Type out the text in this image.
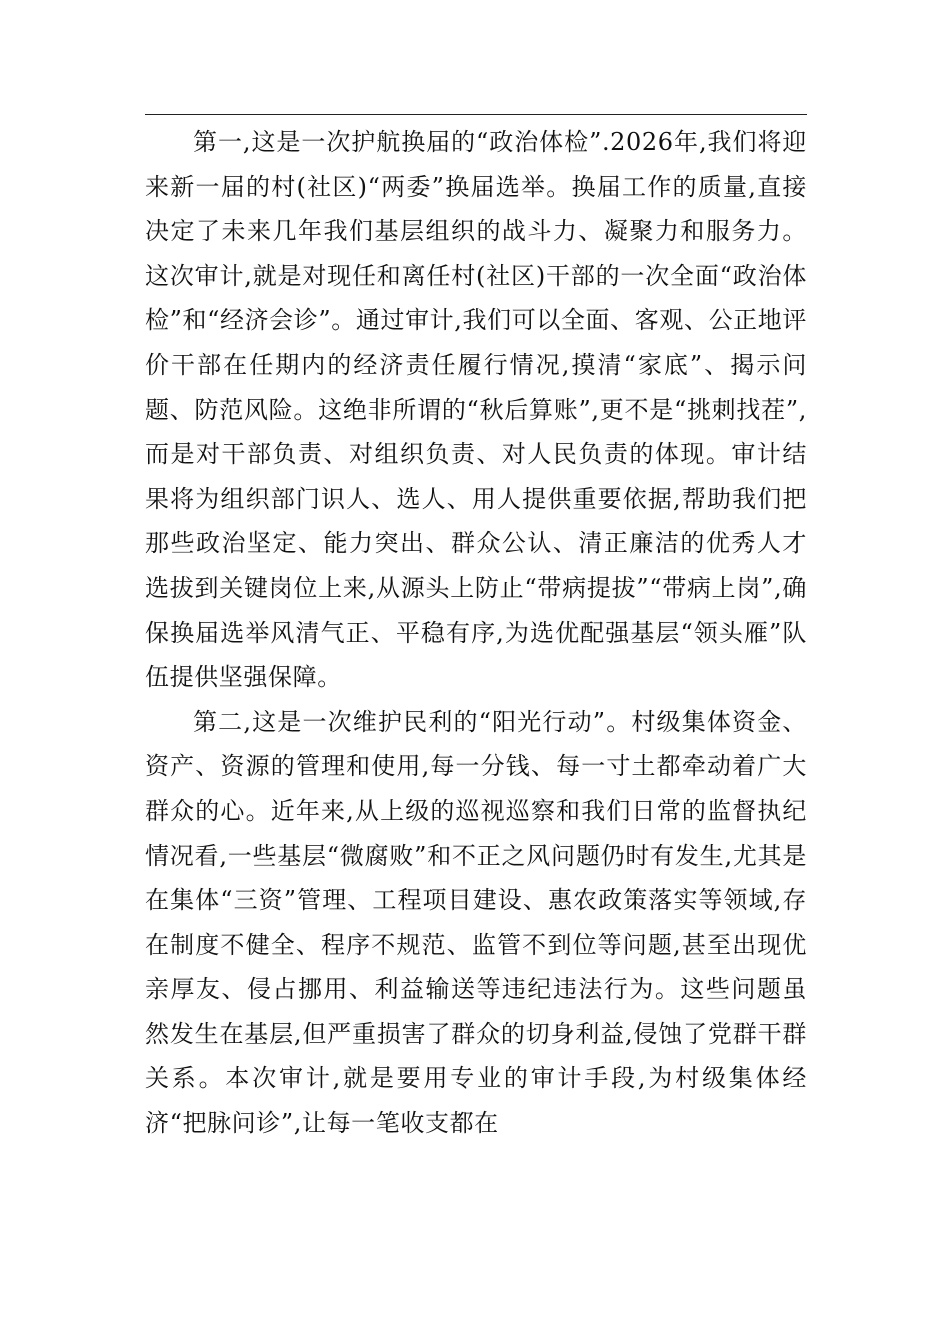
第一,这是一次护航换届的“政治体检”.2026年,我们将迎来新一届的村(社区)“两委”换届选举。换届工作的质量,直接决定了未来几年我们基层组织的战斗力、凝聚力和服务力。这次审计,就是对现任和离任村(社区)干部的一次全面“政治体检”和“经济会诊”。通过审计,我们可以全面、客观、公正地评价干部在任期内的经济责任履行情况,摸清“家底”、揭示问题、防范风险。这绝非所谓的“秋后算账”,更不是“挑刺找茬”,而是对干部负责、对组织负责、对人民负责的体现。审计结果将为组织部门识人、选人、用人提供重要依据,帮助我们把那些政治坚定、能力突出、群众公认、清正廉洁的优秀人才选拔到关键岗位上来,从源头上防止“带病提拔”“带病上岗”,确保换届选举风清气正、平稳有序,为选优配强基层“领头雁”队伍提供坚强保障。

第二,这是一次维护民利的“阳光行动”。村级集体资金、资产、资源的管理和使用,每一分钱、每一寸土都牵动着广大群众的心。近年来,从上级的巡视巡察和我们日常的监督执纪情况看,一些基层“微腐败”和不正之风问题仍时有发生,尤其是在集体“三资”管理、工程项目建设、惠农政策落实等领域,存在制度不健全、程序不规范、监管不到位等问题,甚至出现优亲厚友、侵占挪用、利益输送等违纪违法行为。这些问题虽然发生在基层,但严重损害了群众的切身利益,侵蚀了党群干群关系。本次审计,就是要用专业的审计手段,为村级集体经济“把脉问诊”,让每一笔收支都在
